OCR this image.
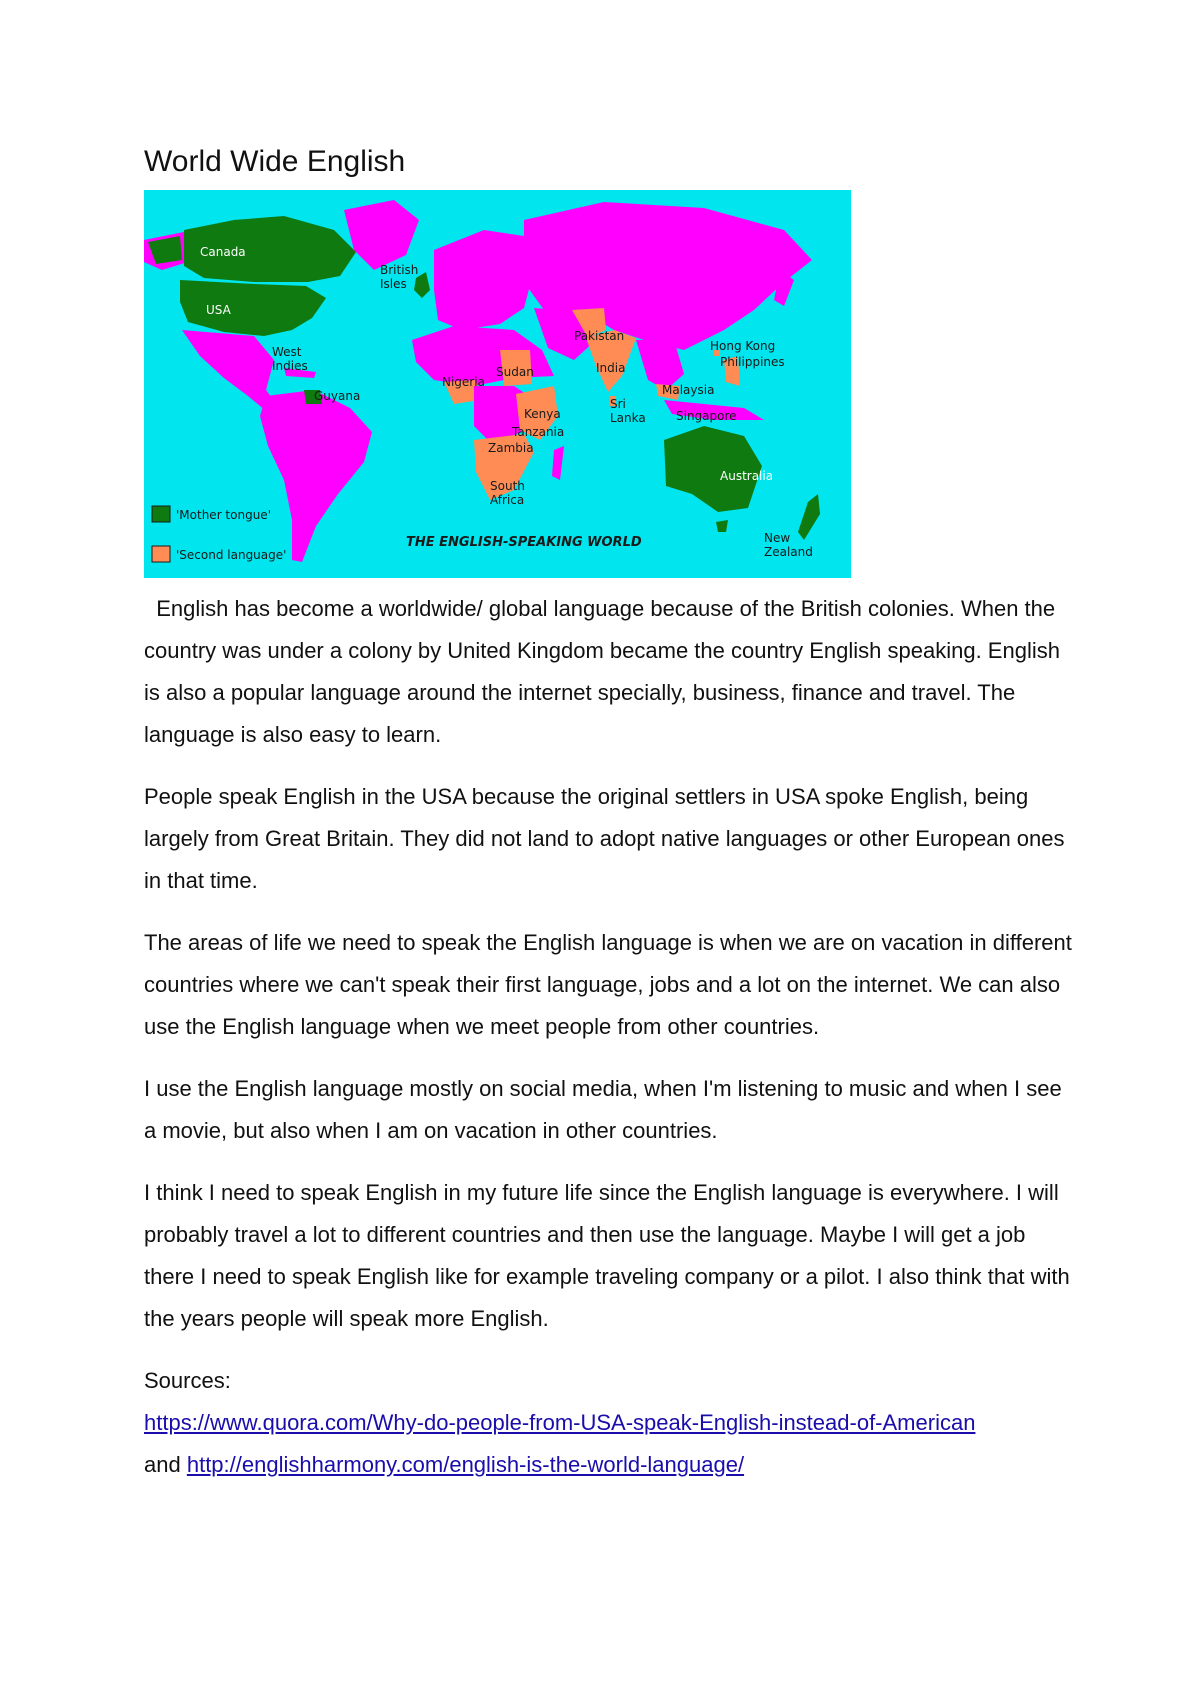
World Wide English
Canada
USA
British
Isles
West
Indies
Guyana
Nigeria
Sudan
Pakistan
India
Hong Kong
Philippines
Malaysia
Singapore
Sri
Lanka
Kenya
Tanzania
Zambia
South
Africa
Australia
New
Zealand
'Mother tongue'
'Second language'
THE ENGLISH-SPEAKING WORLD

English has become a worldwide/ global language because of the British colonies. When the country was under a colony by United Kingdom became the country English speaking. English is also a popular language around the internet specially, business, finance and travel. The language is also easy to learn.

People speak English in the USA because the original settlers in USA spoke English, being largely from Great Britain. They did not land to adopt native languages or other European ones in that time.

The areas of life we need to speak the English language is when we are on vacation in different countries where we can't speak their first language, jobs and a lot on the internet. We can also use the English language when we meet people from other countries.

I use the English language mostly on social media, when I'm listening to music and when I see a movie, but also when I am on vacation in other countries.

I think I need to speak English in my future life since the English language is everywhere. I will probably travel a lot to different countries and then use the language. Maybe I will get a job there I need to speak English like for example traveling company or a pilot. I also think that with the years people will speak more English.

Sources:

https://www.quora.com/Why-do-people-from-USA-speak-English-instead-of-American
and http://englishharmony.com/english-is-the-world-language/
